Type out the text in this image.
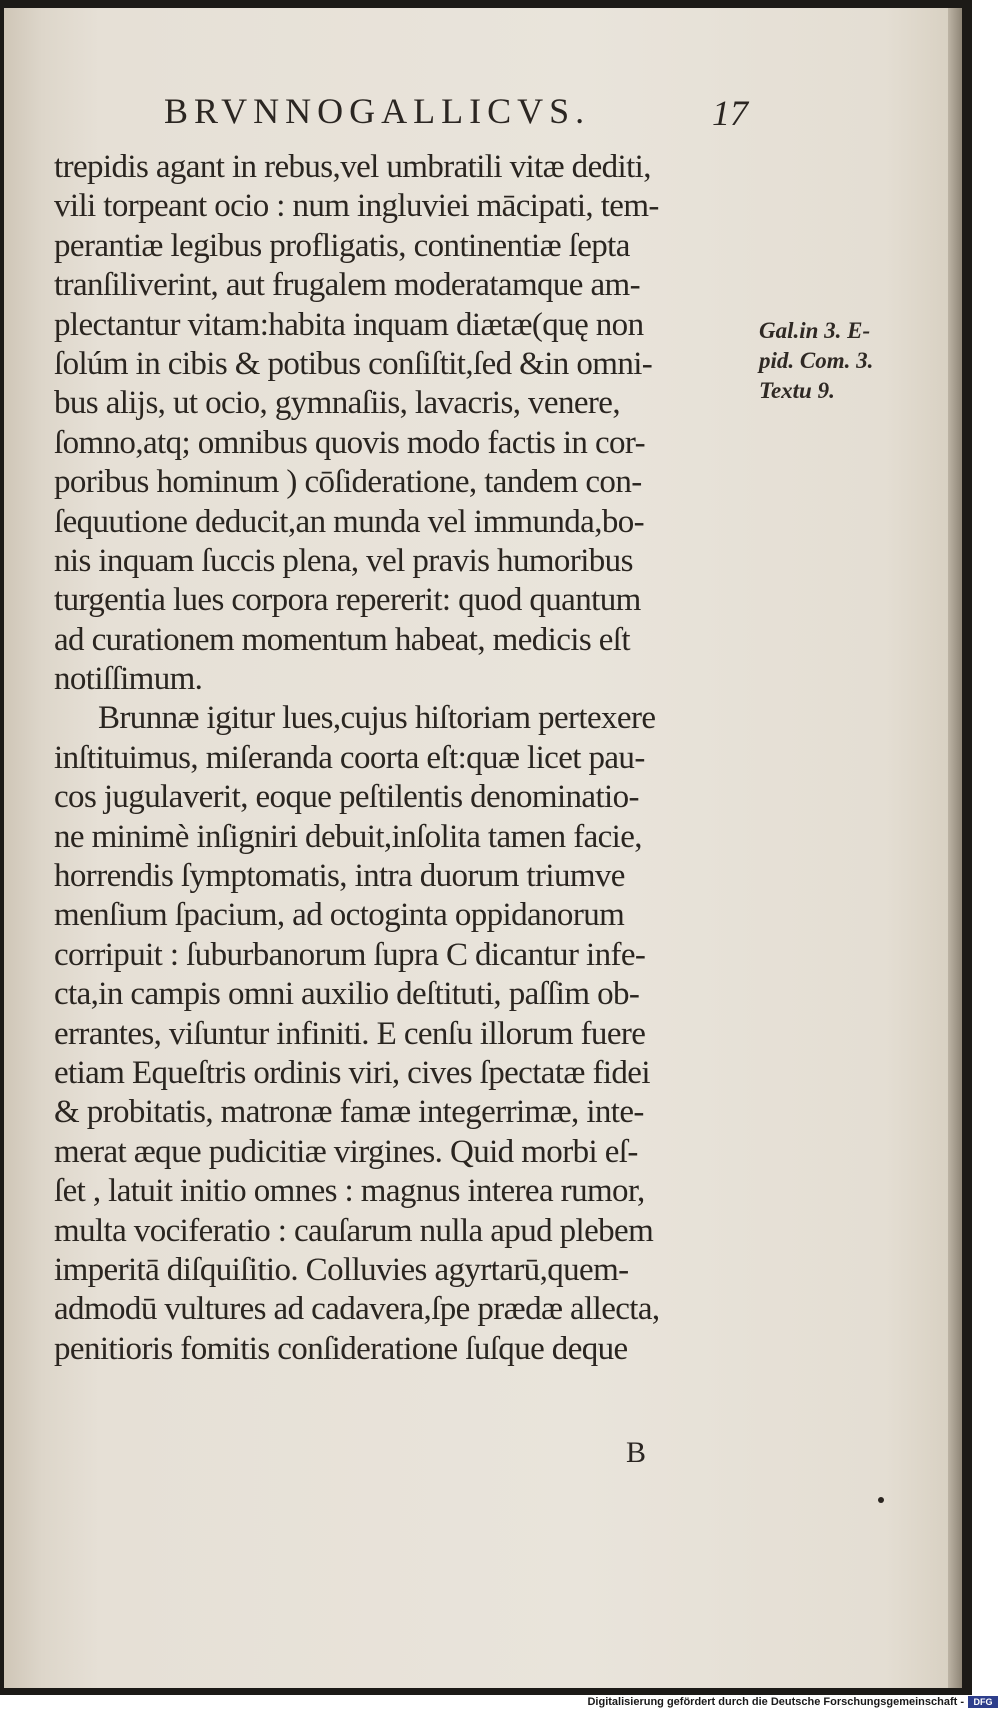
BRVNNOGALLICVS.	17
trepidis agant in rebus,vel umbratili vitæ dediti,
vili torpeant ocio : num ingluviei mācipati, tem-
perantiæ legibus profligatis, continentiæ ſepta
tranſiliverint, aut frugalem moderatamque am-
plectantur vitam:habita inquam diætæ(quę non
ſolúm in cibis & potibus conſiſtit,ſed &in omni-
bus alijs, ut ocio, gymnaſiis, lavacris, venere,
ſomno,atq; omnibus quovis modo factis in cor-
poribus hominum ) cōſideratione, tandem con-
ſequutione deducit,an munda vel immunda,bo-
nis inquam ſuccis plena, vel pravis humoribus
turgentia lues corpora repererit: quod quantum
ad curationem momentum habeat, medicis eſt
notiſſimum.
Brunnæ igitur lues,cujus hiſtoriam pertexere
inſtituimus, miſeranda coorta eſt:quæ licet pau-
cos jugulaverit, eoque peſtilentis denominatio-
ne minimè inſigniri debuit,inſolita tamen facie,
horrendis ſymptomatis, intra duorum triumve
menſium ſpacium, ad octoginta oppidanorum
corripuit : ſuburbanorum ſupra C dicantur infe-
cta,in campis omni auxilio deſtituti, paſſim ob-
errantes, viſuntur infiniti. E cenſu illorum fuere
etiam Equeſtris ordinis viri, cives ſpectatæ fidei
& probitatis, matronæ famæ integerrimæ, inte-
merat æque pudicitiæ virgines. Quid morbi eſ-
ſet , latuit initio omnes : magnus interea rumor,
multa vociferatio : cauſarum nulla apud plebem
imperitā diſquiſitio. Colluvies agyrtarū,quem-
admodū vultures ad cadavera,ſpe prædæ allecta,
penitioris fomitis conſideratione ſuſque deque
Gal.in 3. E-
pid. Com. 3.
Textu 9.
B
Digitalisierung gefördert durch die Deutsche Forschungsgemeinschaft -	DFG
